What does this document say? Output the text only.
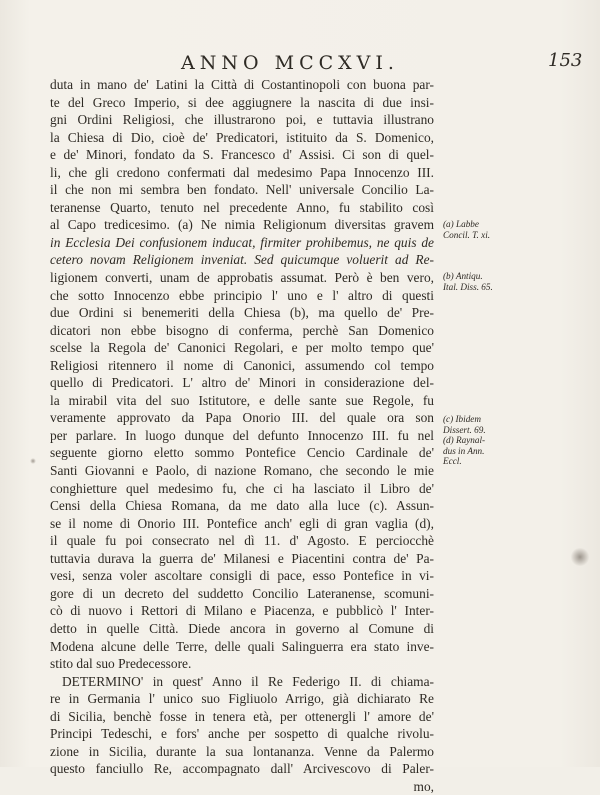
ANNO MCCXVI.	153
duta in mano de' Latini la Città di Costantinopoli con buona par-
te del Greco Imperio, si dee aggiugnere la nascita di due insi-
gni Ordini Religiosi, che illustrarono poi, e tuttavia illustrano
la Chiesa di Dio, cioè de' Predicatori, istituito da S. Domenico,
e de' Minori, fondato da S. Francesco d' Assisi. Ci son di quel-
li, che gli credono confermati dal medesimo Papa Innocenzo III.
il che non mi sembra ben fondato. Nell' universale Concilio La-
teranense Quarto, tenuto nel precedente Anno, fu stabilito così
al Capo tredicesimo. (a) Ne nimia Religionum diversitas gravem
in Ecclesia Dei confusionem inducat, firmiter prohibemus, ne quis de
cetero novam Religionem inveniat. Sed quicumque voluerit ad Re-
ligionem converti, unam de approbatis assumat. Però è ben vero,
che sotto Innocenzo ebbe principio l' uno e l' altro di questi
due Ordini si benemeriti della Chiesa (b), ma quello de' Pre-
dicatori non ebbe bisogno di conferma, perchè San Domenico
scelse la Regola de' Canonici Regolari, e per molto tempo que'
Religiosi ritennero il nome di Canonici, assumendo col tempo
quello di Predicatori. L' altro de' Minori in considerazione del-
la mirabil vita del suo Istitutore, e delle sante sue Regole, fu
veramente approvato da Papa Onorio III. del quale ora son
per parlare. In luogo dunque del defunto Innocenzo III. fu nel
seguente giorno eletto sommo Pontefice Cencio Cardinale de'
Santi Giovanni e Paolo, di nazione Romano, che secondo le mie
conghietture quel medesimo fu, che ci ha lasciato il Libro de'
Censi della Chiesa Romana, da me dato alla luce (c). Assun-
se il nome di Onorio III. Pontefice anch' egli di gran vaglia (d),
il quale fu poi consecrato nel dì 11. d' Agosto. E perciocchè
tuttavia durava la guerra de' Milanesi e Piacentini contra de' Pa-
vesi, senza voler ascoltare consigli di pace, esso Pontefice in vi-
gore di un decreto del suddetto Concilio Lateranense, scomuni-
cò di nuovo i Rettori di Milano e Piacenza, e pubblicò l' Inter-
detto in quelle Città. Diede ancora in governo al Comune di
Modena alcune delle Terre, delle quali Salinguerra era stato inve-
stito dal suo Predecessore.
DETERMINO' in quest' Anno il Re Federigo II. di chiama-
re in Germania l' unico suo Figliuolo Arrigo, già dichiarato Re
di Sicilia, benchè fosse in tenera età, per ottenergli l' amore de'
Principi Tedeschi, e fors' anche per sospetto di qualche rivolu-
zione in Sicilia, durante la sua lontananza. Venne da Palermo
questo fanciullo Re, accompagnato dall' Arcivescovo di Paler-
mo,
(a) Labbe
Concil. T. xi.
(b) Antiqu.
Ital. Diss. 65.
(c) Ibidem
Dissert. 69.
(d) Raynal-
dus in Ann.
Eccl.
